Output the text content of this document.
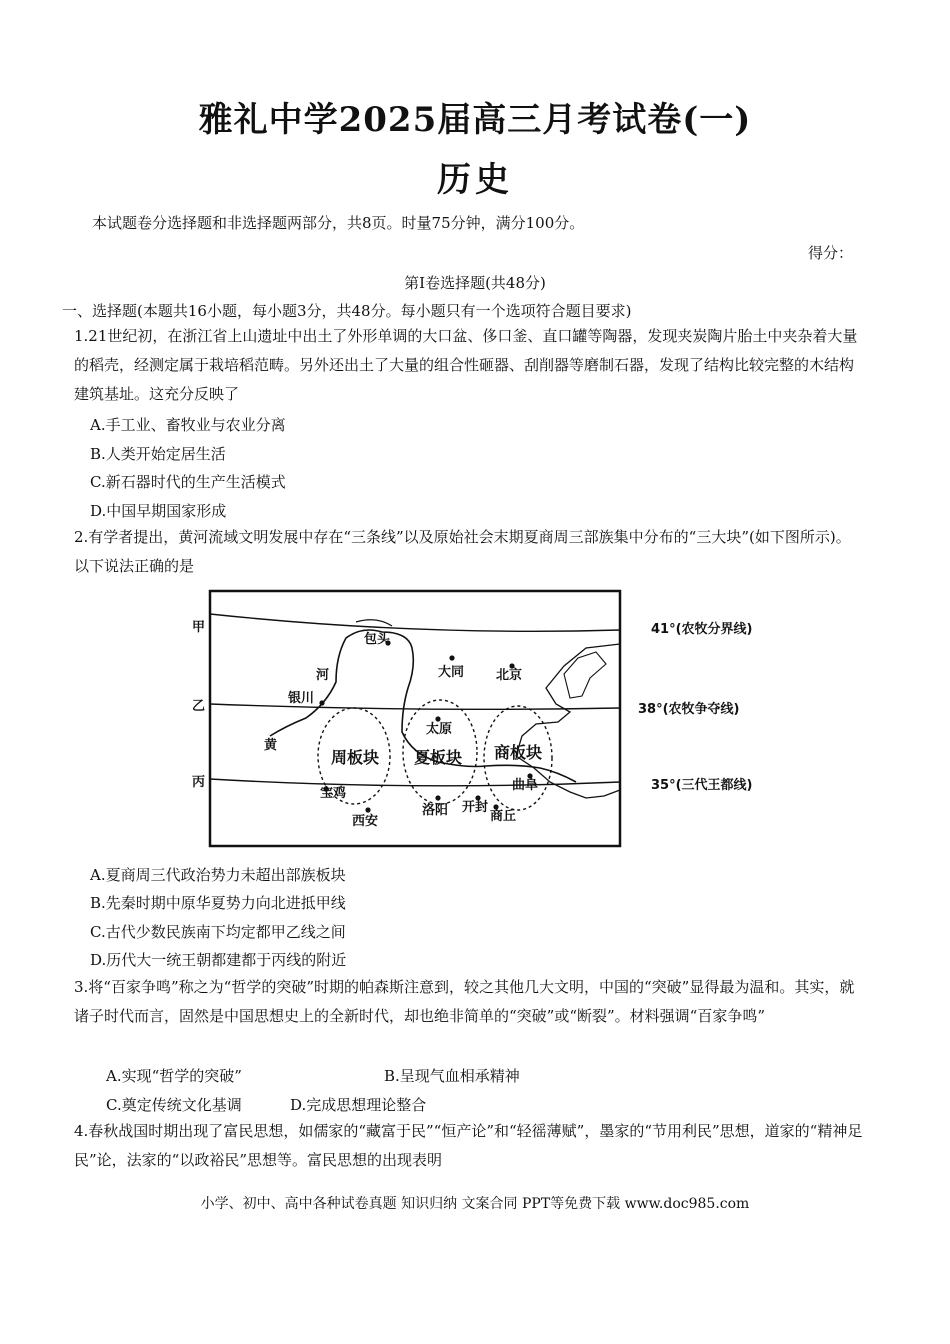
雅礼中学2025届高三月考试卷(一)
历史
本试题卷分选择题和非选择题两部分，共8页。时量75分钟，满分100分。
得分：
第Ⅰ卷选择题(共48分)
一、选择题(本题共16小题，每小题3分，共48分。每小题只有一个选项符合题目要求)
1.21世纪初，在浙江省上山遗址中出土了外形单调的大口盆、侈口釜、直口罐等陶器，发现夹炭陶片胎土中夹杂着大量的稻壳，经测定属于栽培稻范畴。另外还出土了大量的组合性砸器、刮削器等磨制石器，发现了结构比较完整的木结构建筑基址。这充分反映了
A.手工业、畜牧业与农业分离
B.人类开始定居生活
C.新石器时代的生产生活模式
D.中国早期国家形成
2.有学者提出，黄河流域文明发展中存在“三条线”以及原始社会末期夏商周三部族集中分布的“三大块”(如下图所示)。以下说法正确的是
甲
乙
丙
41°(农牧分界线)
38°(农牧争夺线)
35°(三代王都线)
包头
大同 北京
银川
太原
曲阜
宝鸡
西安
洛阳 开封
商丘
河
黄
周板块 夏板块 商板块
A.夏商周三代政治势力未超出部族板块
B.先秦时期中原华夏势力向北进抵甲线
C.古代少数民族南下均定都甲乙线之间
D.历代大一统王朝都建都于丙线的附近
3.将“百家争鸣”称之为“哲学的突破”时期的帕森斯注意到，较之其他几大文明，中国的“突破”显得最为温和。其实，就诸子时代而言，固然是中国思想史上的全新时代，却也绝非简单的“突破”或“断裂”。材料强调“百家争鸣”
A.实现“哲学的突破”	B.呈现气血相承精神
C.奠定传统文化基调	D.完成思想理论整合
4.春秋战国时期出现了富民思想，如儒家的“藏富于民”“恒产论”和“轻徭薄赋”，墨家的“节用利民”思想，道家的“精神足民”论，法家的“以政裕民”思想等。富民思想的出现表明
小学、初中、高中各种试卷真题 知识归纳 文案合同 PPT等免费下载 www.doc985.com
